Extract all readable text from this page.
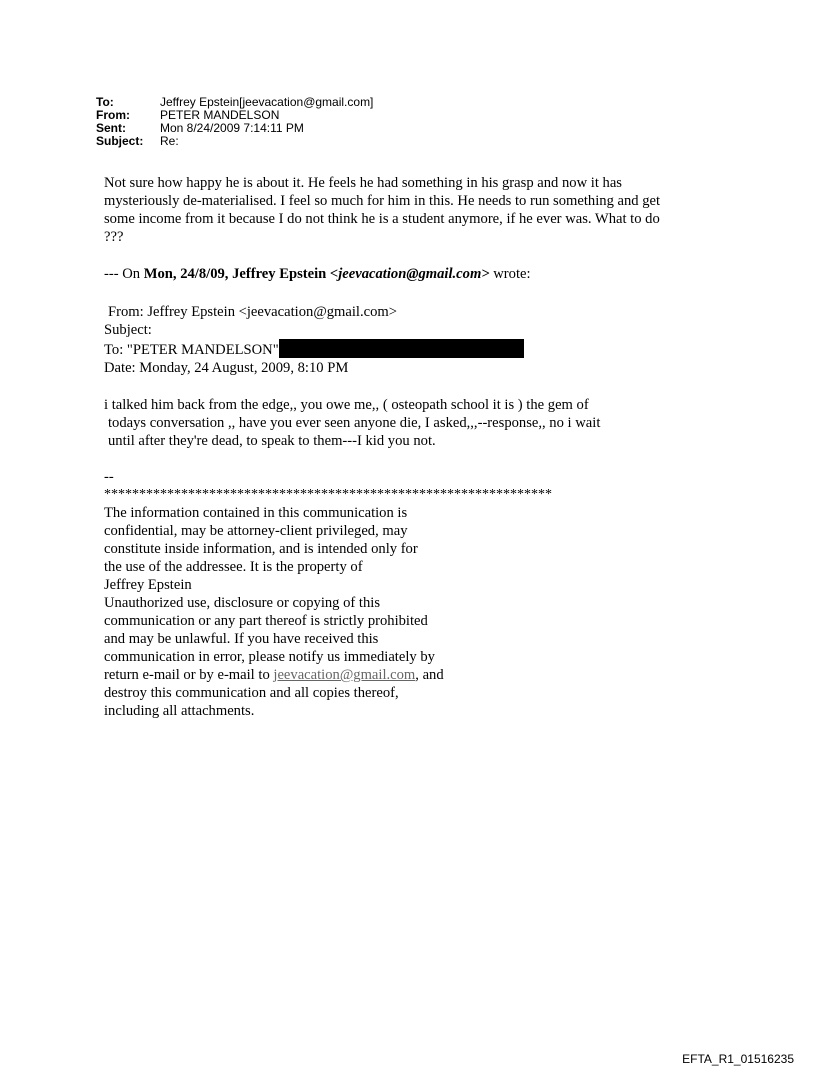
To:	Jeffrey Epstein[jeevacation@gmail.com]
From:	PETER MANDELSON
Sent:	Mon 8/24/2009 7:14:11 PM
Subject:	Re:
Not sure how happy he is about it. He feels he had something in his grasp and now it has
mysteriously de-materialised. I feel so much for him in this. He needs to run something and get
some income from it because I do not think he is a student anymore, if he ever was. What to do
???
--- On Mon, 24/8/09, Jeffrey Epstein <jeevacation@gmail.com> wrote:
From: Jeffrey Epstein <jeevacation@gmail.com>
Subject:
To: "PETER MANDELSON"
Date: Monday, 24 August, 2009, 8:10 PM
i talked him back from the edge,, you owe me,, ( osteopath school it is ) the gem of
todays conversation ,, have you ever seen anyone die, I asked,,,--response,, no i wait
until after they're dead, to speak to them---I kid you not.
--
****************************************************************
The information contained in this communication is
confidential, may be attorney-client privileged, may
constitute inside information, and is intended only for
the use of the addressee. It is the property of
Jeffrey Epstein
Unauthorized use, disclosure or copying of this
communication or any part thereof is strictly prohibited
and may be unlawful. If you have received this
communication in error, please notify us immediately by
return e-mail or by e-mail to jeevacation@gmail.com, and
destroy this communication and all copies thereof,
including all attachments.
EFTA_R1_01516235
